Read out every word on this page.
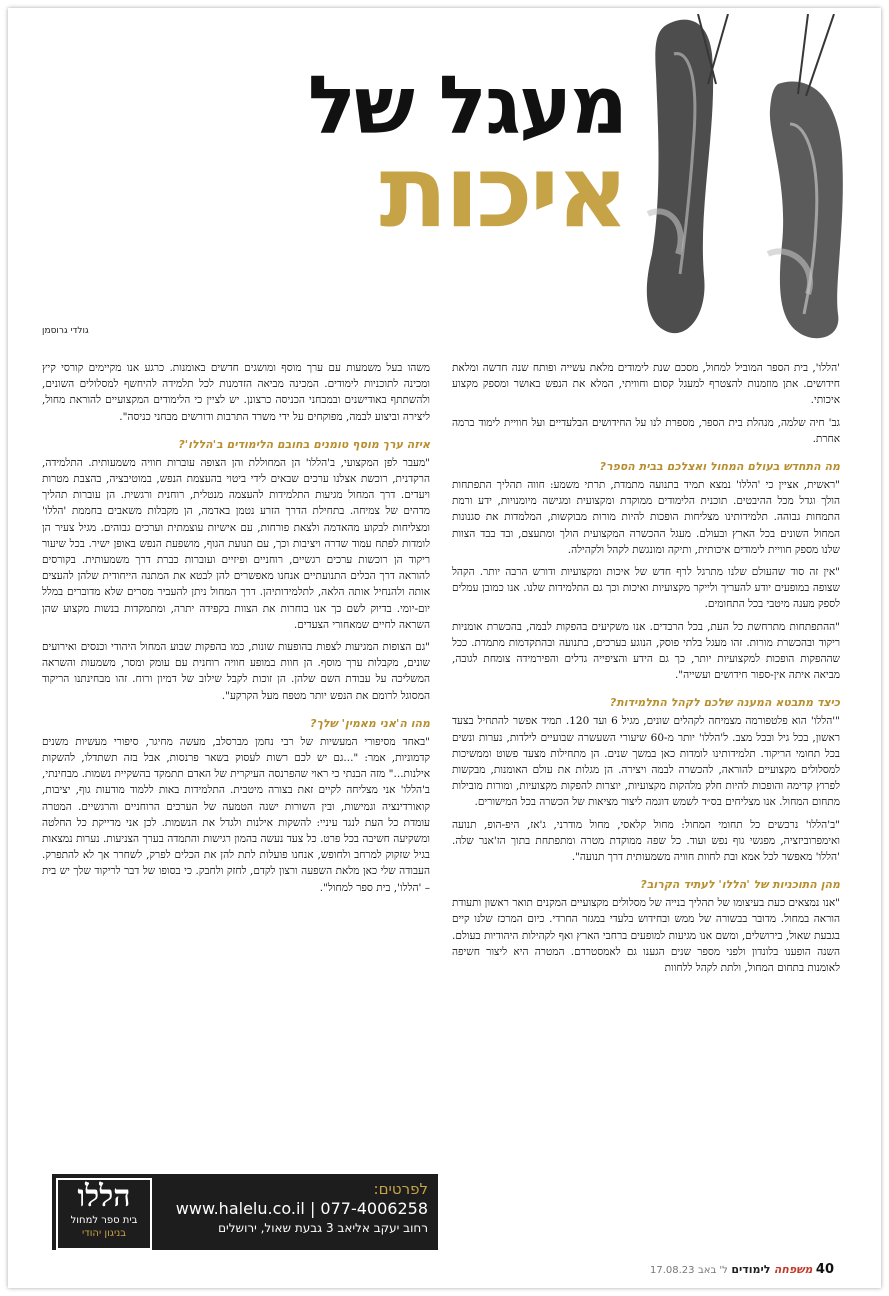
מעגל של
איכות
גולדי גרוסמן

'הללו', בית הספר המוביל למחול, מסכם שנת לימודים מלאת עשייה ופותח שנה חדשה ומלאת חידושים. אתן מוזמנות להצטרף למעגל קסום וחוויתי, המלא את הנפש באושר ומספק מקצוע איכותי.

גב' חיה שלמה, מנהלת בית הספר, מספרת לנו על החידושים הבלעדיים ועל חוויית לימוד ברמה אחרת.

מה התחדש בעולם המחול ואצלכם בבית הספר?

"ראשית, אציין כי 'הללו' נמצא תמיד בתנועה מתמדת, תרתי משמע: חווה תהליך התפתחות הולך וגדל מכל ההיבטים. תוכנית הלימודים ממוקדת ומקצועית ומגישה מיומנויות, ידע ורמת התמחות גבוהה. תלמידותינו מצליחות הופכות להיות מורות מבוקשות, המלמדות את סגנונות המחול השונים בכל הארץ ובעולם. מעגל ההכשרה המקצועית הולך ומתעצם, ובד בבד הצוות שלנו מספק חוויית לימודים איכותית, ותיקה ומונגשת לקהל ולקהילה.

"אין זה סוד שהעולם שלנו מתרגל לרף חדש של איכות ומקצועיות ודורש הרבה יותר. הקהל שצופה במופעים יודע להעריך ולייקר מקצועיות ואיכות וכך גם התלמידות שלנו. אנו כמובן עמלים לספק מענה מיטבי בכל התחומים.

"ההתפתחות מתרחשת כל העת, בכל הרבדים. אנו משקיעים בהפקות לבמה, בהכשרת אומניות ריקוד ובהכשרת מורות. זהו מעגל בלתי פוסק, הנוגע בערכים, בתנועה ובהתקדמות מתמדת. ככל שההפקות הופכות למקצועיות יותר, כך גם הידע והציפייה גדלים והפירמידה צומחת לגובה, מביאה איתה אין-ספור חידושים ועשייה".

כיצד מתבטא המענה שלכם לקהל התלמידות?

"'הללו' הוא פלטפורמה מצמיחה לקהלים שונים, מגיל 6 ועד 120. תמיד אפשר להתחיל בצעד ראשון, בכל גיל ובכל מצב. ל'הללו' יותר מ-60 שיעורי השעשרה שבועיים לילדות, נערות ונשים בכל תחומי הריקוד. תלמידותינו לומדות כאן במשך שנים. הן מתחילות מצעד פשוט וממשיכות למסלולים מקצועיים להוראה, להכשרה לבמה ויצירה. הן מגלות את עולם האומנות, מבקשות לפרוץ קדימה והופכות להיות חלק מלהקות מקצועיות, יוצרות להפקות מקצועיות, ומורות מובילות מתחום המחול. אנו מצליחים בס״ד לשמש דוגמה ליצור מציאות של הכשרה בכל המישורים.

"ב'הללו' נרכשים כל תחומי המחול: מחול קלאסי, מחול מודרני, ג'אז, היפ-הופ, תנועה ואימפרוביזציה, מפגשי גוף נפש ועוד. כל שפה ממוקדת מטרה ומתפתחת בתוך הז'אנר שלה. 'הללו' מאפשר לכל אמא ובת לחוות חוויה משמעותית דרך תנועה".

מהן התוכניות של 'הללו' לעתיד הקרוב?

"אנו נמצאים כעת בעיצומו של תהליך בנייה של מסלולים מקצועיים המקנים תואר ראשון ותעודת הוראה במחול. מדובר בבשורה של ממש ובחידוש בלעדי במגזר החרדי. כיום המרכז שלנו קיים בגבעת שאול, בירושלים, ומשם אנו מגיעות למופעים ברחבי הארץ ואף לקהילות היהודיות בעולם. השנה הופענו בלונדון ולפני מספר שנים הגענו גם לאמסטרדם. המטרה היא ליצור חשיפה לאומנות בתחום המחול, ולתת לקהל ללחוות

משהו בעל משמעות עם ערך מוסף ומושגים חדשים באומנות. כרגע אנו מקיימים קורסי קיץ ומכינה לתוכניות לימודים. המכינה מביאה הזדמנות לכל תלמידה להיחשף למסלולים השונים, ולהשתתף באודישנים ובמבחני הכניסה כרצונן. יש לציין כי הלימודים המקצועיים להוראת מחול, ליצירה וביצוע לבמה, מפוקחים על ידי משרד התרבות ודורשים מבחני כניסה".

איזה ערך מוסף טומנים בחובם הלימודים ב'הללו'?

"מעבר לפן המקצועי, ב'הללו' הן המחוללת והן הצופה עוברות חוויה משמעותית. התלמידה, הרקדנית, רוכשת אצלנו ערכים שבאים לידי ביטוי בהעצמת הנפש, במוטיבציה, בהצבת מטרות ויעדים. דרך המחול מגיעות התלמידות להעצמה מנטלית, רוחנית ורגשית. הן עוברות תהליך מדהים של צמיחה. בתחילת הדרך הזרע נטמן באדמה, הן מקבלות משאבים בחממת 'הללו' ומצליחות לבקוע מהאדמה ולצאת פורחות, עם אישיות עוצמתית וערכים גבוהים. מגיל צעיר הן לומדות לפתח עמוד שדרה ויציבות וכך, עם תנועת הגוף, מושפעת הנפש באופן ישיר. בכל שיעור ריקוד הן רוכשות ערכים רגשיים, רוחניים ופיזיים ועוברות כברת דרך משמעותית. בקורסים להוראה דרך הכלים התנועתיים אנחנו מאפשרים להן לבטא את המתנה הייחודית שלהן להעצים אותה ולהנחיל אותה הלאה, לתלמידותיהן. דרך המחול ניתן להעביר מסרים שלא מדוברים במלל יום-יומי. בדיוק לשם כך אנו בוחרות את הצוות בקפידה יתרה, ומתמקדות בנשות מקצוע שהן השראה לחיים שמאחורי הצעדים.

"גם הצופות המגיעות לצפות בהופעות שונות, כמו בהפקות שבוע המחול היהודי וכנסים ואירועים שונים, מקבלות ערך מוסף. הן חוות במופע חוויה רוחנית עם עומק ומסר, משמעות והשראה המשליכה על עבודת השם שלהן. הן זוכות לקבל שילוב של דמיון ורוח. זהו מבחינתנו הריקוד המסוגל לרומם את הנפש יותר מטפח מעל הקרקע".

מהו ה'אני מאמין' שלך?

"באחד מסיפורי המעשיות של רבי נחמן מברסלב, מעשה מחיגר, סיפורי מעשיות משנים קדמוניות, אמר: "...גם יש לכם רשות לעסוק בשאר פרנסות, אבל בזה תשתדלו, להשקות אילנות..." מזה הבנתי כי ראוי שהפרנסה העיקרית של האדם תתמקד בהשקיית נשמות. מבחינתי, ב'הללו' אני מצליחה לקיים זאת בצורה מיטבית. התלמידות באות ללמוד מודעות גוף, יציבות, קואורדינציה וגמישות, ובין השורות ישנה הטמעה של הערכים הרוחניים והרגשיים. המטרה עומדת כל העת לנגד עיניי: להשקות אילנות ולגדל את הנשמות. לכן אני מדייקת כל החלטה ומשקיעה חשיבה בכל פרט. כל צעד נעשה בהמון רגישות והתמדה בערך הצניעות. נערות נמצאות בגיל שזקוק למרחב ולחופש, אנחנו פועלות לתת להן את הכלים לפרק, לשחרר אך לא להתפרק. העבודה שלי כאן מלאת השפעה ורצון לקדם, לחזק ולחבק. כי בסופו של דבר לריקוד שלך יש בית – 'הללו', בית ספר למחול".

הללו
בית ספר למחול
בניגון יהודי
לפרטים:
www.halelu.co.il | 077-4006258
רחוב יעקב אליאב 3 גבעת שאול, ירושלים
40 משפחה לימודים ל' באב 17.08.23
